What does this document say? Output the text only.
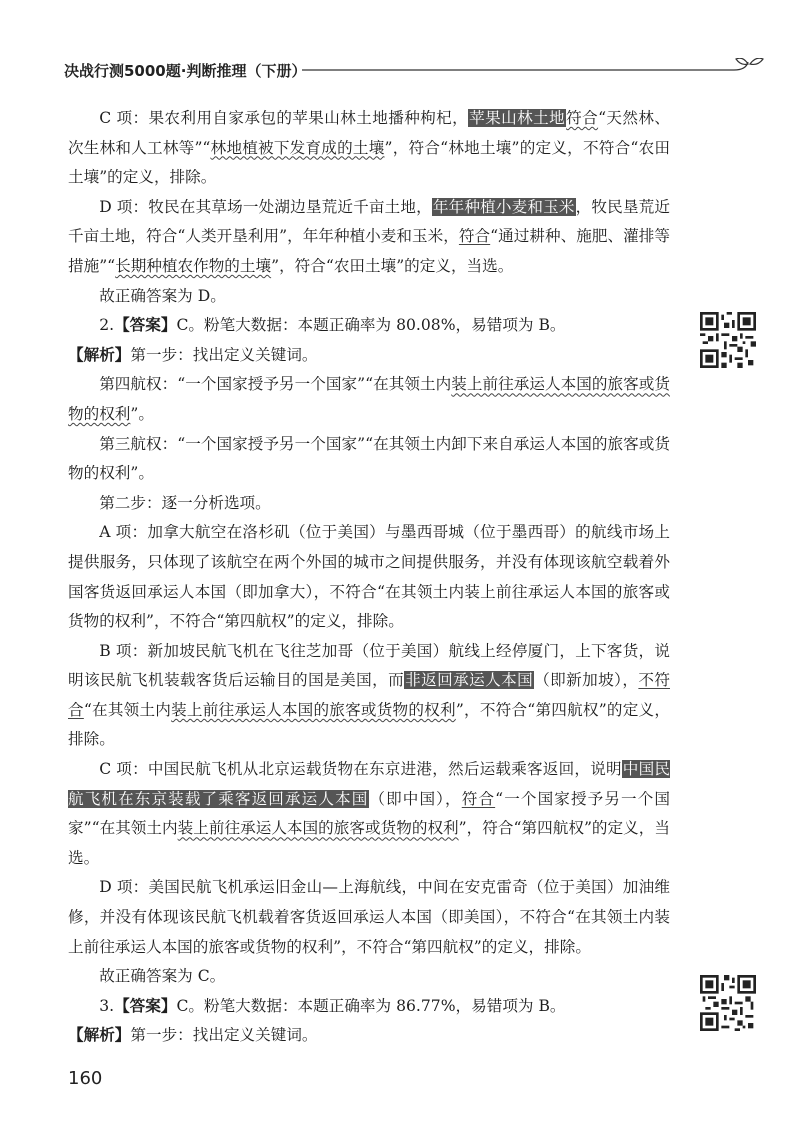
决战行测5000题·判断推理（下册）

C 项：果农利用自家承包的苹果山林土地播种枸杞，苹果山林土地符合“天然林、次生林和人工林等”“林地植被下发育成的土壤”，符合“林地土壤”的定义，不符合“农田土壤”的定义，排除。

D 项：牧民在其草场一处湖边垦荒近千亩土地，年年种植小麦和玉米，牧民垦荒近千亩土地，符合“人类开垦利用”，年年种植小麦和玉米，符合“通过耕种、施肥、灌排等措施”“长期种植农作物的土壤”，符合“农田土壤”的定义，当选。

故正确答案为 D。

2.【答案】C。粉笔大数据：本题正确率为 80.08%，易错项为 B。

【解析】第一步：找出定义关键词。

第四航权：“一个国家授予另一个国家”“在其领土内装上前往承运人本国的旅客或货物的权利”。

第三航权：“一个国家授予另一个国家”“在其领土内卸下来自承运人本国的旅客或货物的权利”。

第二步：逐一分析选项。

A 项：加拿大航空在洛杉矶（位于美国）与墨西哥城（位于墨西哥）的航线市场上提供服务，只体现了该航空在两个外国的城市之间提供服务，并没有体现该航空载着外国客货返回承运人本国（即加拿大），不符合“在其领土内装上前往承运人本国的旅客或货物的权利”，不符合“第四航权”的定义，排除。

B 项：新加坡民航飞机在飞往芝加哥（位于美国）航线上经停厦门，上下客货，说明该民航飞机装载客货后运输目的国是美国，而非返回承运人本国（即新加坡），不符合“在其领土内装上前往承运人本国的旅客或货物的权利”，不符合“第四航权”的定义，排除。

C 项：中国民航飞机从北京运载货物在东京进港，然后运载乘客返回，说明中国民航飞机在东京装载了乘客返回承运人本国（即中国），符合“一个国家授予另一个国家”“在其领土内装上前往承运人本国的旅客或货物的权利”，符合“第四航权”的定义，当选。

D 项：美国民航飞机承运旧金山—上海航线，中间在安克雷奇（位于美国）加油维修，并没有体现该民航飞机载着客货返回承运人本国（即美国），不符合“在其领土内装上前往承运人本国的旅客或货物的权利”，不符合“第四航权”的定义，排除。

故正确答案为 C。

3.【答案】C。粉笔大数据：本题正确率为 86.77%，易错项为 B。

【解析】第一步：找出定义关键词。

160
